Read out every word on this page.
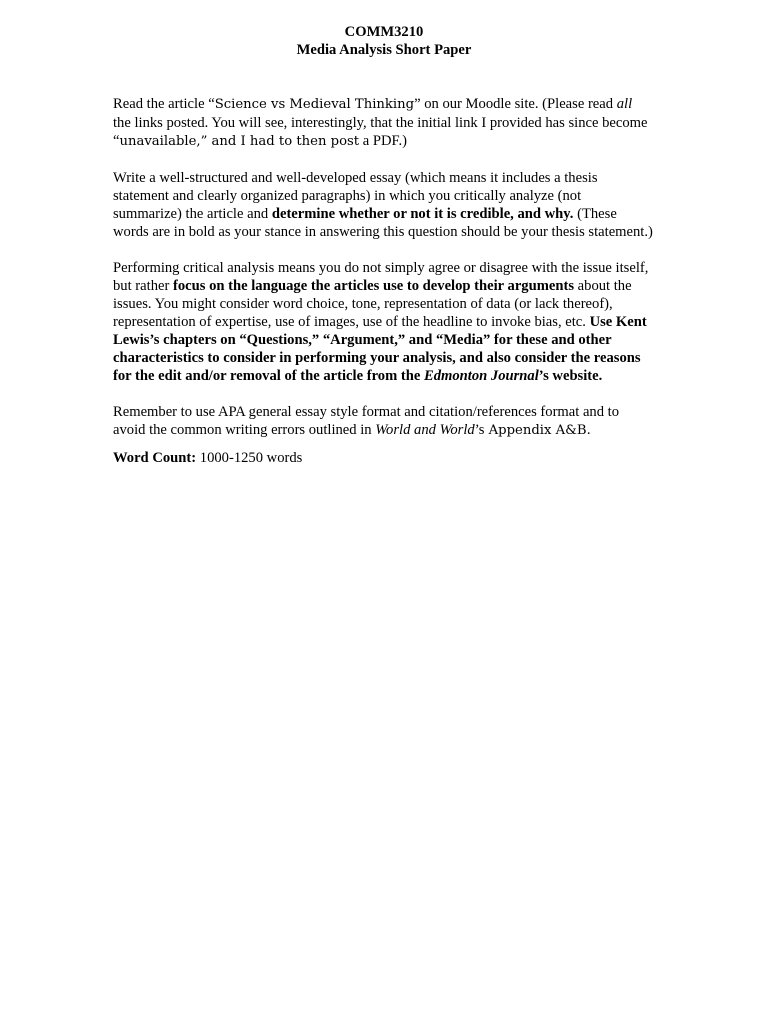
COMM3210
Media Analysis Short Paper

Read the article “Science vs Medieval Thinking” on our Moodle site. (Please read all the links posted. You will see, interestingly, that the initial link I provided has since become “unavailable,” and I had to then post a PDF.)

Write a well-structured and well-developed essay (which means it includes a thesis statement and clearly organized paragraphs) in which you critically analyze (not summarize) the article and determine whether or not it is credible, and why. (These words are in bold as your stance in answering this question should be your thesis statement.)

Performing critical analysis means you do not simply agree or disagree with the issue itself, but rather focus on the language the articles use to develop their arguments about the issues. You might consider word choice, tone, representation of data (or lack thereof), representation of expertise, use of images, use of the headline to invoke bias, etc. Use Kent Lewis’s chapters on “Questions,” “Argument,” and “Media” for these and other characteristics to consider in performing your analysis, and also consider the reasons for the edit and/or removal of the article from the Edmonton Journal’s website.

Remember to use APA general essay style format and citation/references format and to avoid the common writing errors outlined in World and World’s Appendix A&B.

Word Count: 1000-1250 words
